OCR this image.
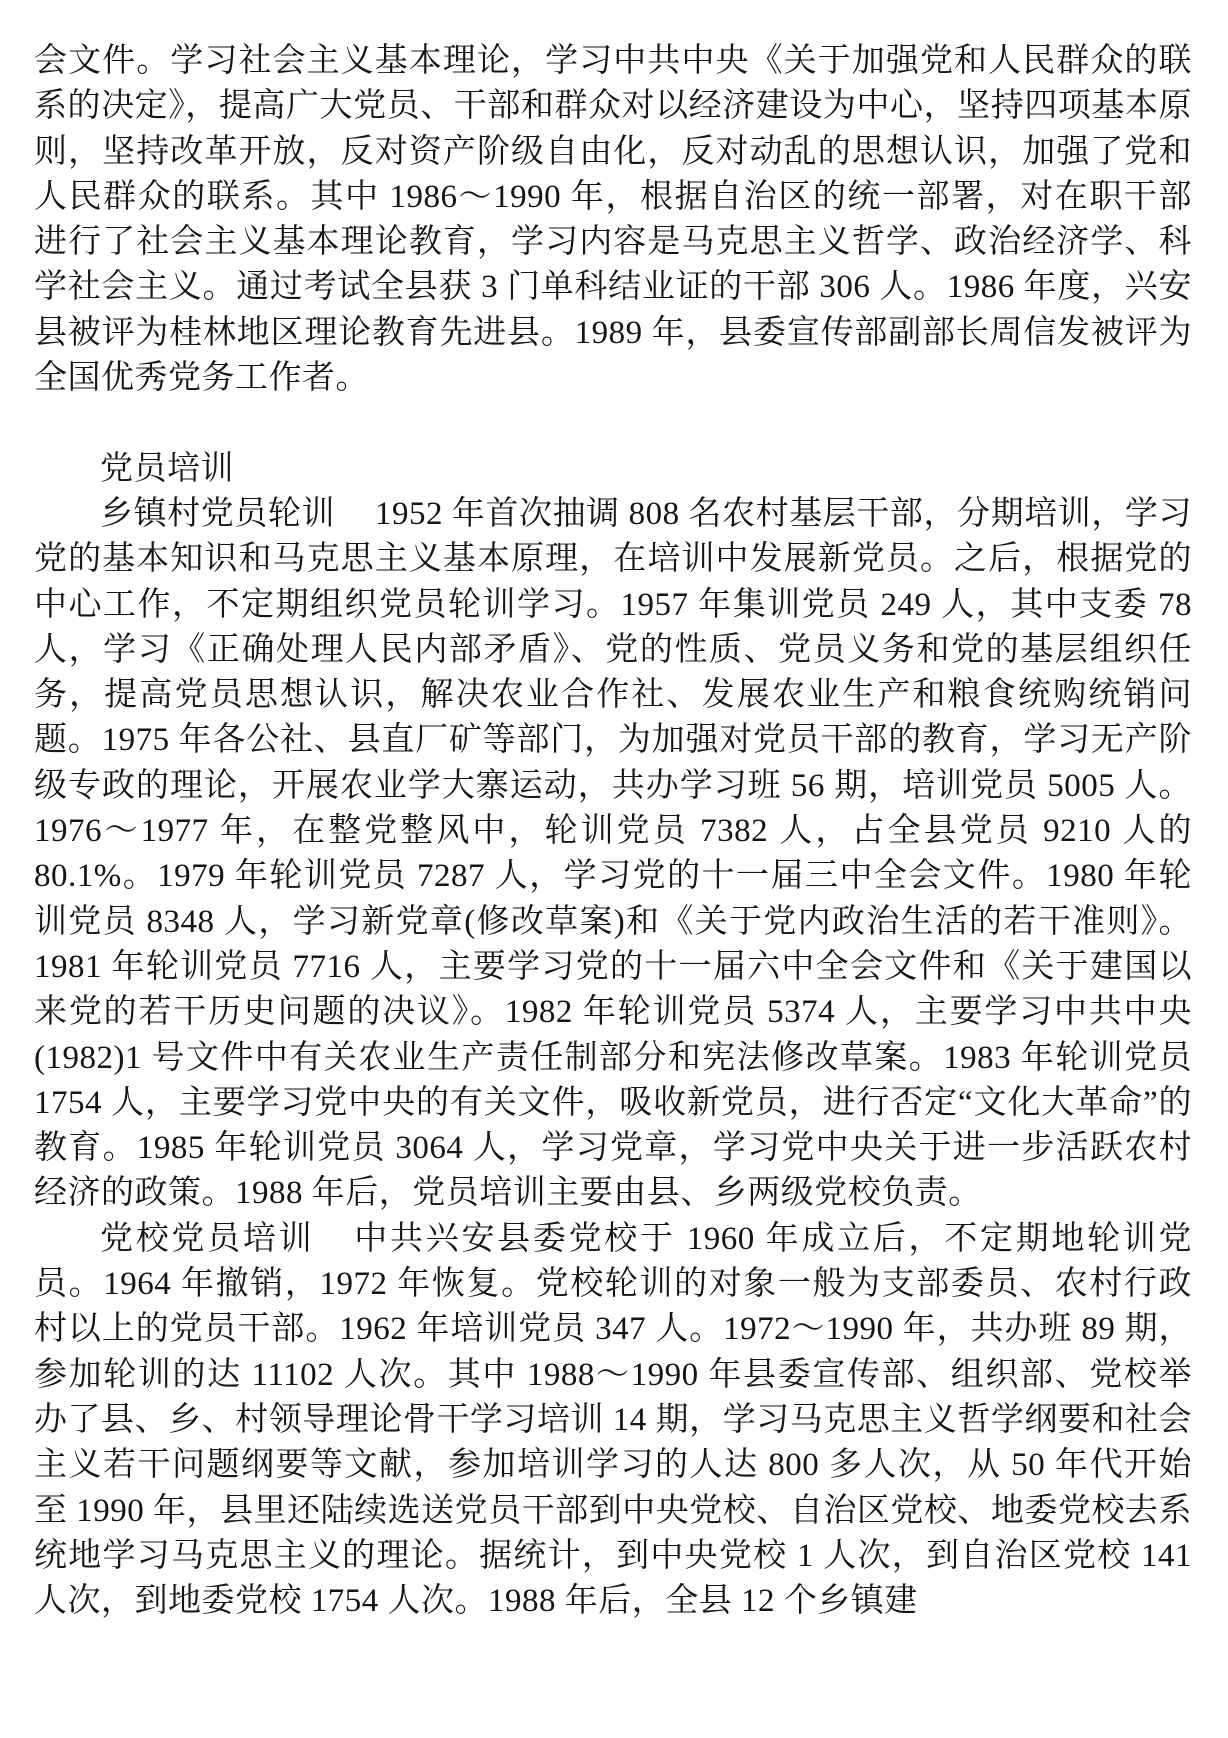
会文件。学习社会主义基本理论，学习中共中央《关于加强党和人民群众的联系的决定》，提高广大党员、干部和群众对以经济建设为中心，坚持四项基本原则，坚持改革开放，反对资产阶级自由化，反对动乱的思想认识，加强了党和人民群众的联系。其中 1986～1990 年，根据自治区的统一部署，对在职干部进行了社会主义基本理论教育，学习内容是马克思主义哲学、政治经济学、科学社会主义。通过考试全县获 3 门单科结业证的干部 306 人。1986 年度，兴安县被评为桂林地区理论教育先进县。1989 年，县委宣传部副部长周信发被评为全国优秀党务工作者。

党员培训

乡镇村党员轮训 1952 年首次抽调 808 名农村基层干部，分期培训，学习党的基本知识和马克思主义基本原理，在培训中发展新党员。之后，根据党的中心工作，不定期组织党员轮训学习。1957 年集训党员 249 人，其中支委 78 人，学习《正确处理人民内部矛盾》、党的性质、党员义务和党的基层组织任务，提高党员思想认识，解决农业合作社、发展农业生产和粮食统购统销问题。1975 年各公社、县直厂矿等部门，为加强对党员干部的教育，学习无产阶级专政的理论，开展农业学大寨运动，共办学习班 56 期，培训党员 5005 人。1976～1977 年，在整党整风中，轮训党员 7382 人，占全县党员 9210 人的 80.1%。1979 年轮训党员 7287 人，学习党的十一届三中全会文件。1980 年轮训党员 8348 人，学习新党章(修改草案)和《关于党内政治生活的若干准则》。1981 年轮训党员 7716 人，主要学习党的十一届六中全会文件和《关于建国以来党的若干历史问题的决议》。1982 年轮训党员 5374 人，主要学习中共中央(1982)1 号文件中有关农业生产责任制部分和宪法修改草案。1983 年轮训党员 1754 人，主要学习党中央的有关文件，吸收新党员，进行否定“文化大革命”的教育。1985 年轮训党员 3064 人，学习党章，学习党中央关于进一步活跃农村经济的政策。1988 年后，党员培训主要由县、乡两级党校负责。

党校党员培训 中共兴安县委党校于 1960 年成立后，不定期地轮训党员。1964 年撤销，1972 年恢复。党校轮训的对象一般为支部委员、农村行政村以上的党员干部。1962 年培训党员 347 人。1972～1990 年，共办班 89 期，参加轮训的达 11102 人次。其中 1988～1990 年县委宣传部、组织部、党校举办了县、乡、村领导理论骨干学习培训 14 期，学习马克思主义哲学纲要和社会主义若干问题纲要等文献，参加培训学习的人达 800 多人次，从 50 年代开始至 1990 年，县里还陆续选送党员干部到中央党校、自治区党校、地委党校去系统地学习马克思主义的理论。据统计，到中央党校 1 人次，到自治区党校 141 人次，到地委党校 1754 人次。1988 年后，全县 12 个乡镇建
